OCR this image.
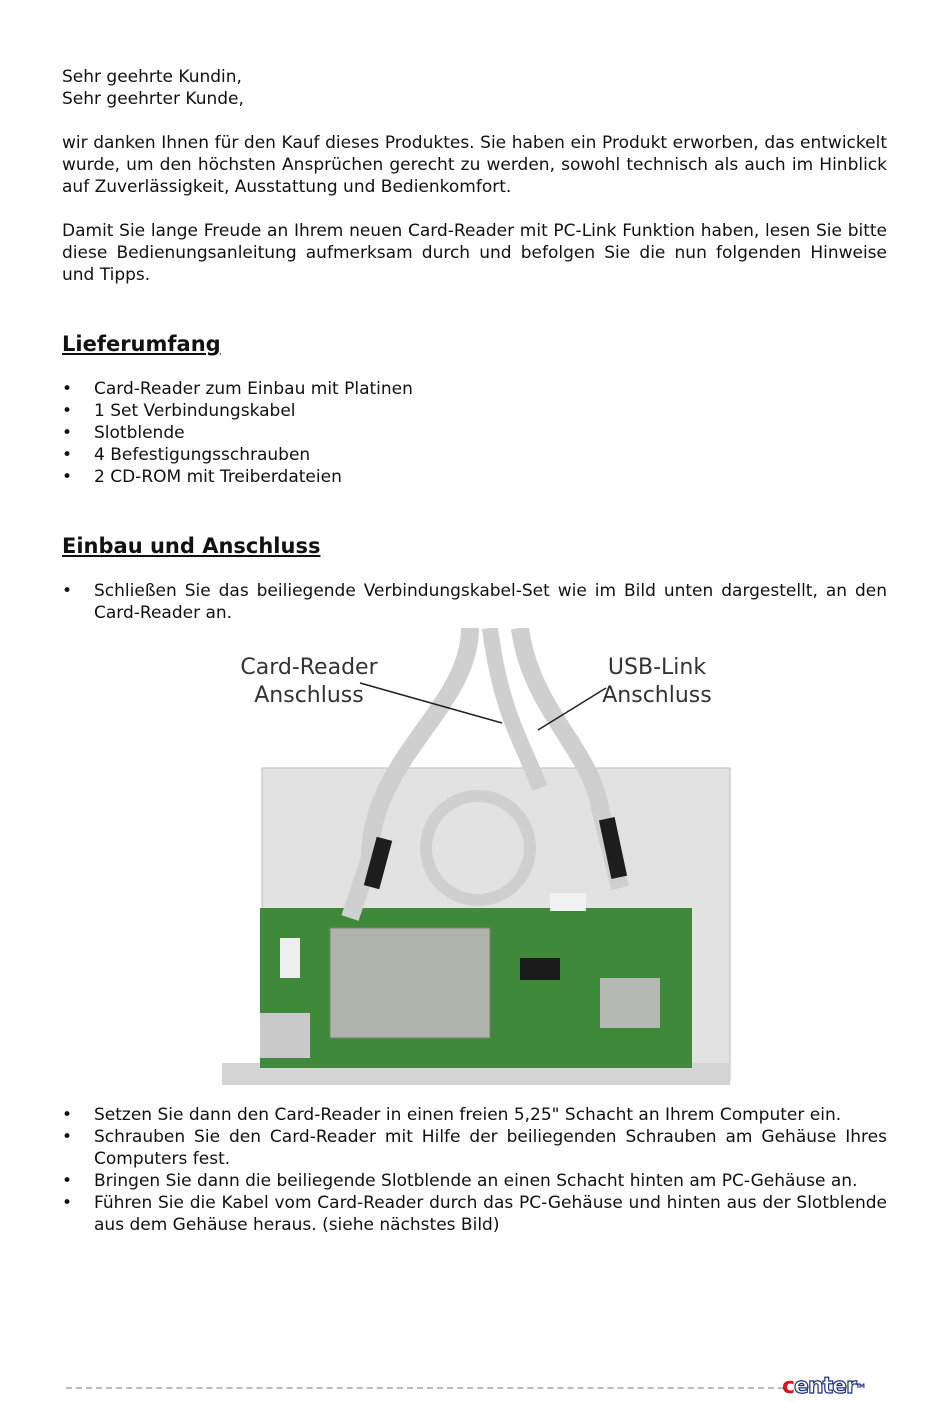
Sehr geehrte Kundin,

Sehr geehrter Kunde,

wir danken Ihnen für den Kauf dieses Produktes. Sie haben ein Produkt erworben, das entwickelt wurde, um den höchsten Ansprüchen gerecht zu werden, sowohl technisch als auch im Hinblick auf Zuverlässigkeit, Ausstattung und Bedienkomfort.

Damit Sie lange Freude an Ihrem neuen Card-Reader mit PC-Link Funktion haben, lesen Sie bitte diese Bedienungsanleitung aufmerksam durch und befolgen Sie die nun folgenden Hinweise und Tipps.

Lieferumfang
• Card-Reader zum Einbau mit Platinen
• 1 Set Verbindungskabel
• Slotblende
• 4 Befestigungsschrauben
• 2 CD-ROM mit Treiberdateien
Einbau und Anschluss
• Schließen Sie das beiliegende Verbindungskabel-Set wie im Bild unten dargestellt, an den Card-Reader an.
Card-Reader
Anschluss
USB-Link
Anschluss
• Setzen Sie dann den Card-Reader in einen freien 5,25" Schacht an Ihrem Computer ein.
• Schrauben Sie den Card-Reader mit Hilfe der beiliegenden Schrauben am Gehäuse Ihres Computers fest.
• Bringen Sie dann die beiliegende Slotblende an einen Schacht hinten am PC-Gehäuse an.
• Führen Sie die Kabel vom Card-Reader durch das PC-Gehäuse und hinten aus der Slotblende aus dem Gehäuse heraus. (siehe nächstes Bild)
centerTM
